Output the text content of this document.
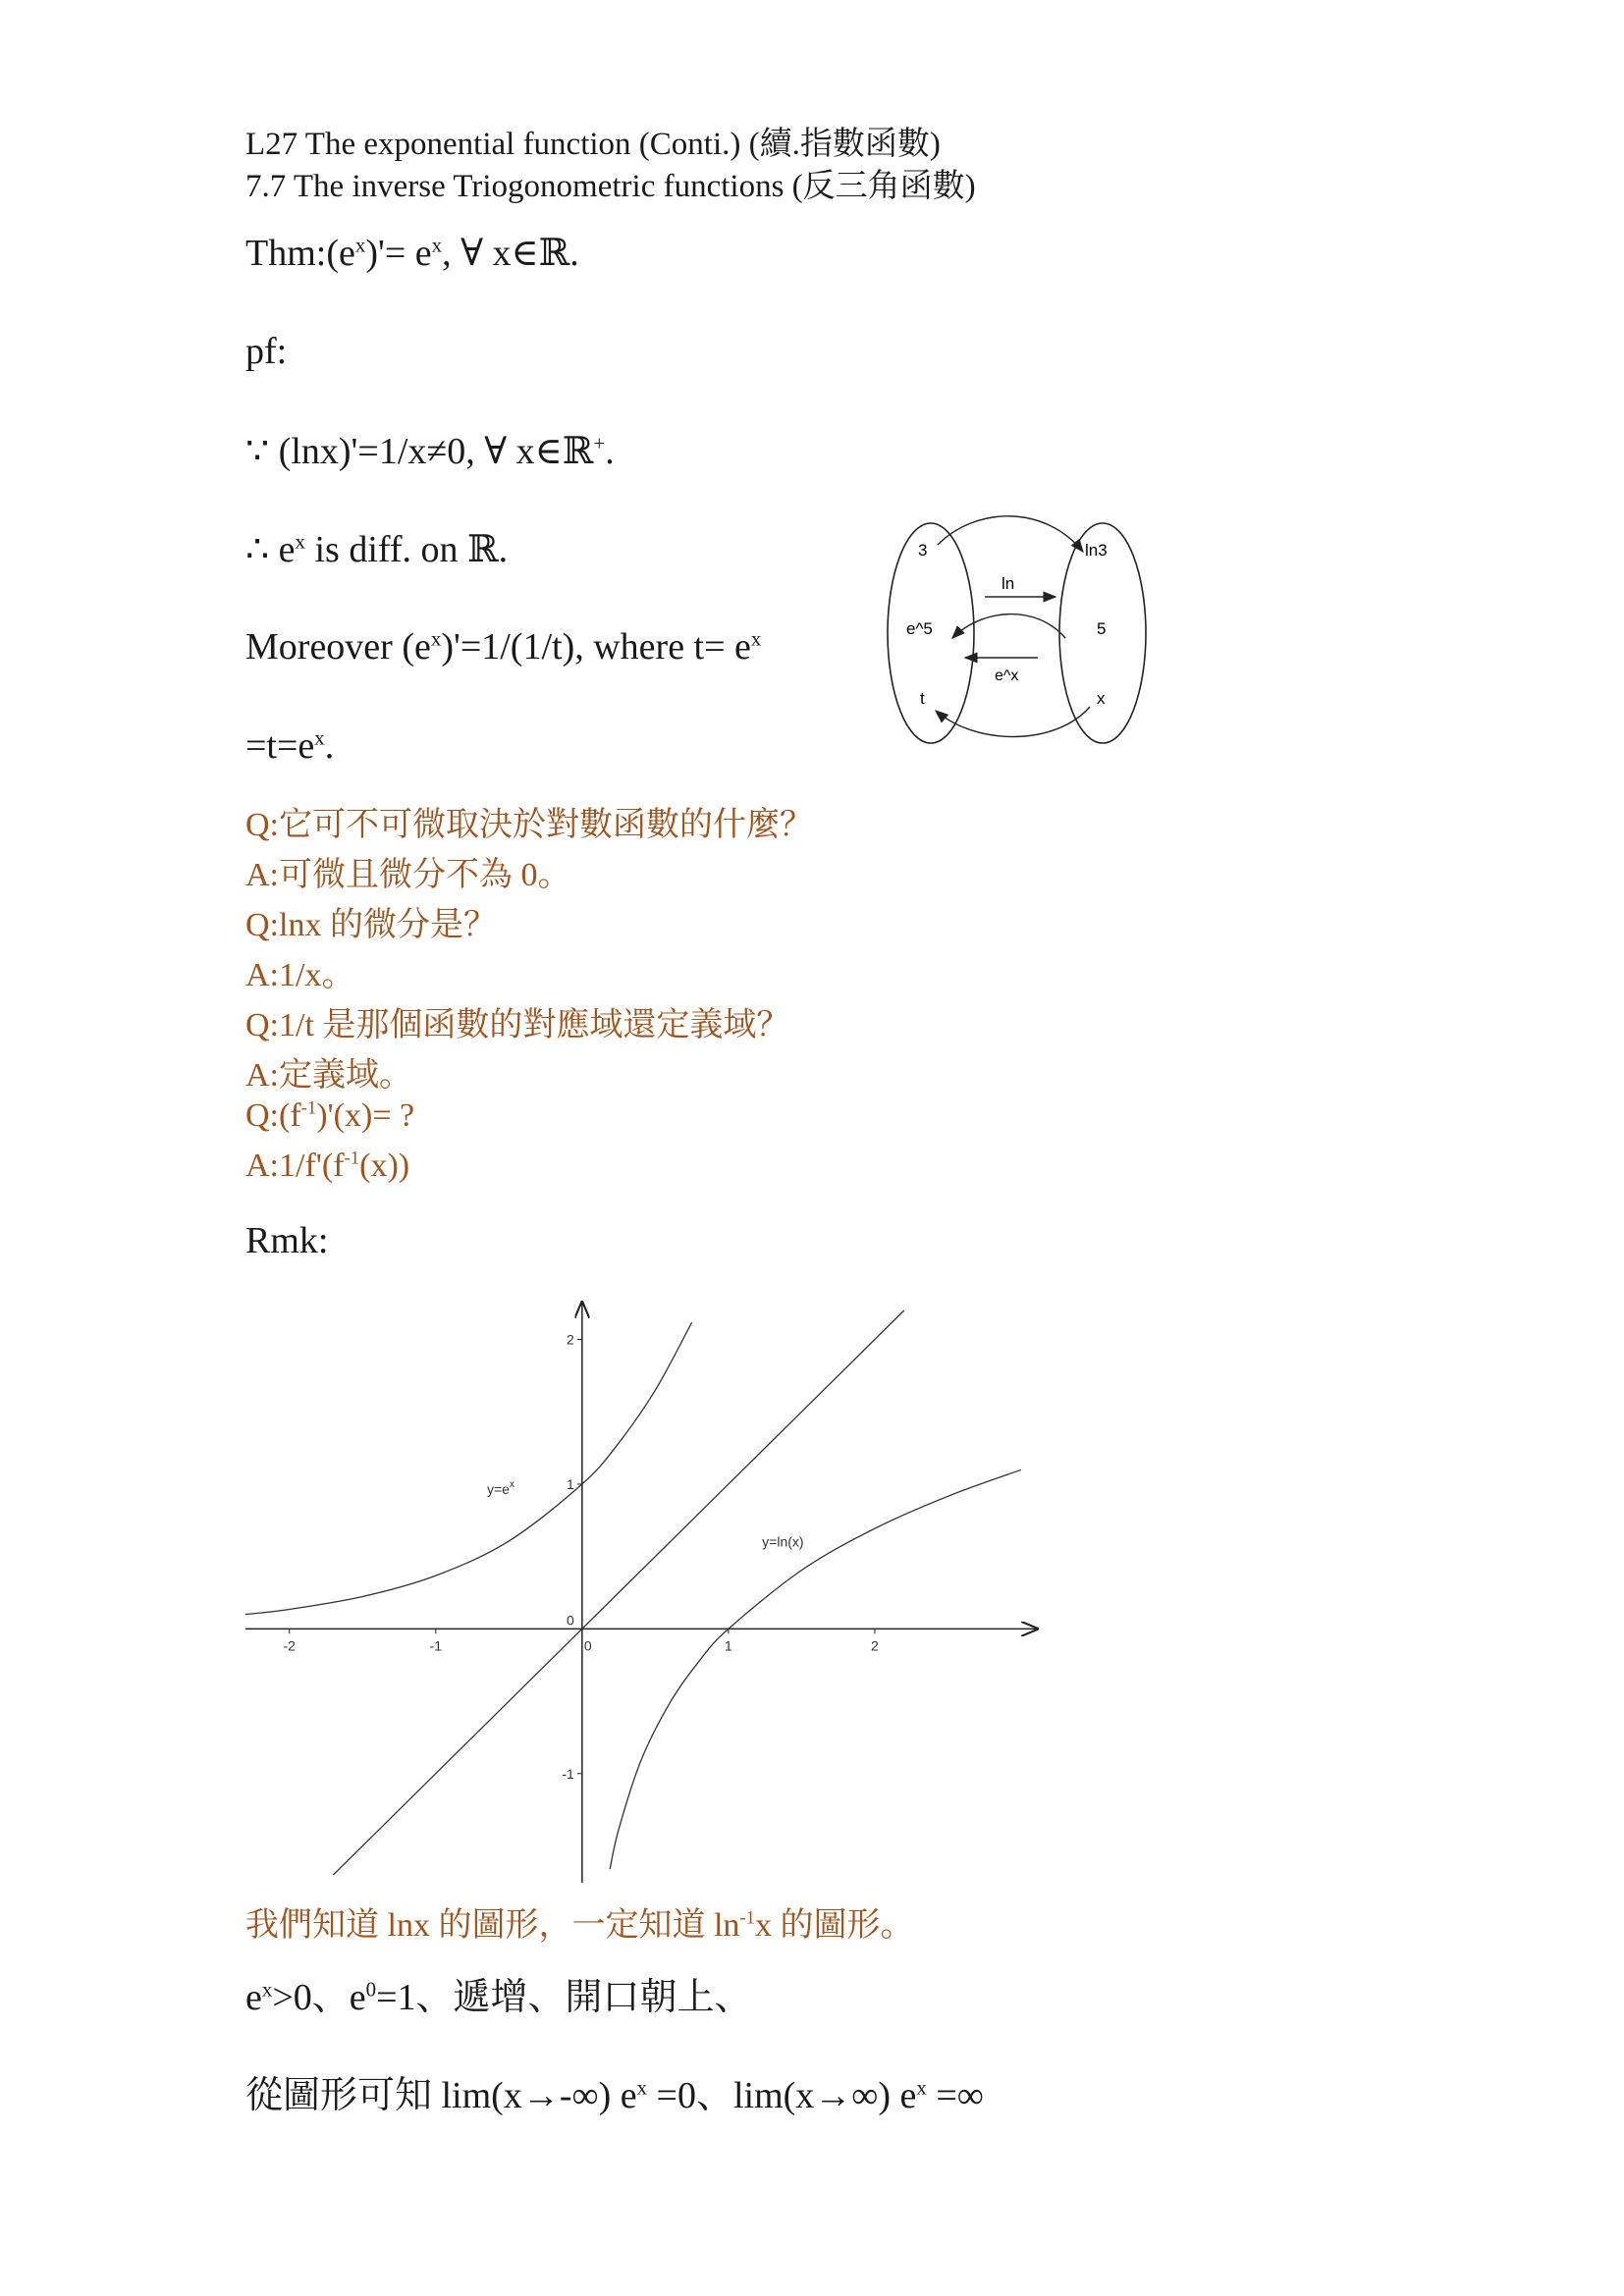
L27 The exponential function (Conti.) (續.指數函數)
7.7 The inverse Triogonometric functions (反三角函數)
$Thm:(e^x)'= e^x$, ∀ x∈ℝ.
pf:
∵ (lnx)'=1/x≠0, ∀ x∈ℝ+.
∴ $e^x$ is diff. on ℝ.
Moreover $(e^x)'=1/(1/t)$, where $t= e^x$
$=t=e^x$.
3
e^5
t
ln3
5
x
ln
e^x
Q:它可不可微取決於對數函數的什麼？
A:可微且微分不為 0。
Q:lnx 的微分是？
A:1/x。
Q:1/t 是那個函數的對應域還定義域？
A:定義域。
$Q:(f^{-1})'(x)=$ ?
$A:1/f'(f^{-1}(x))$
Rmk:
-2	-1	0	1	2
-1
0
1
2
$y=e^x$
y=ln(x)
我們知道 lnx 的圖形，一定知道 $\ln^{-1}x$ 的圖形。
$e^x>0$、$e^0=1$、遞增、開口朝上、
從圖形可知 lim(x→-∞) $e^x =0$、lim(x→∞) $e^x$ =∞
